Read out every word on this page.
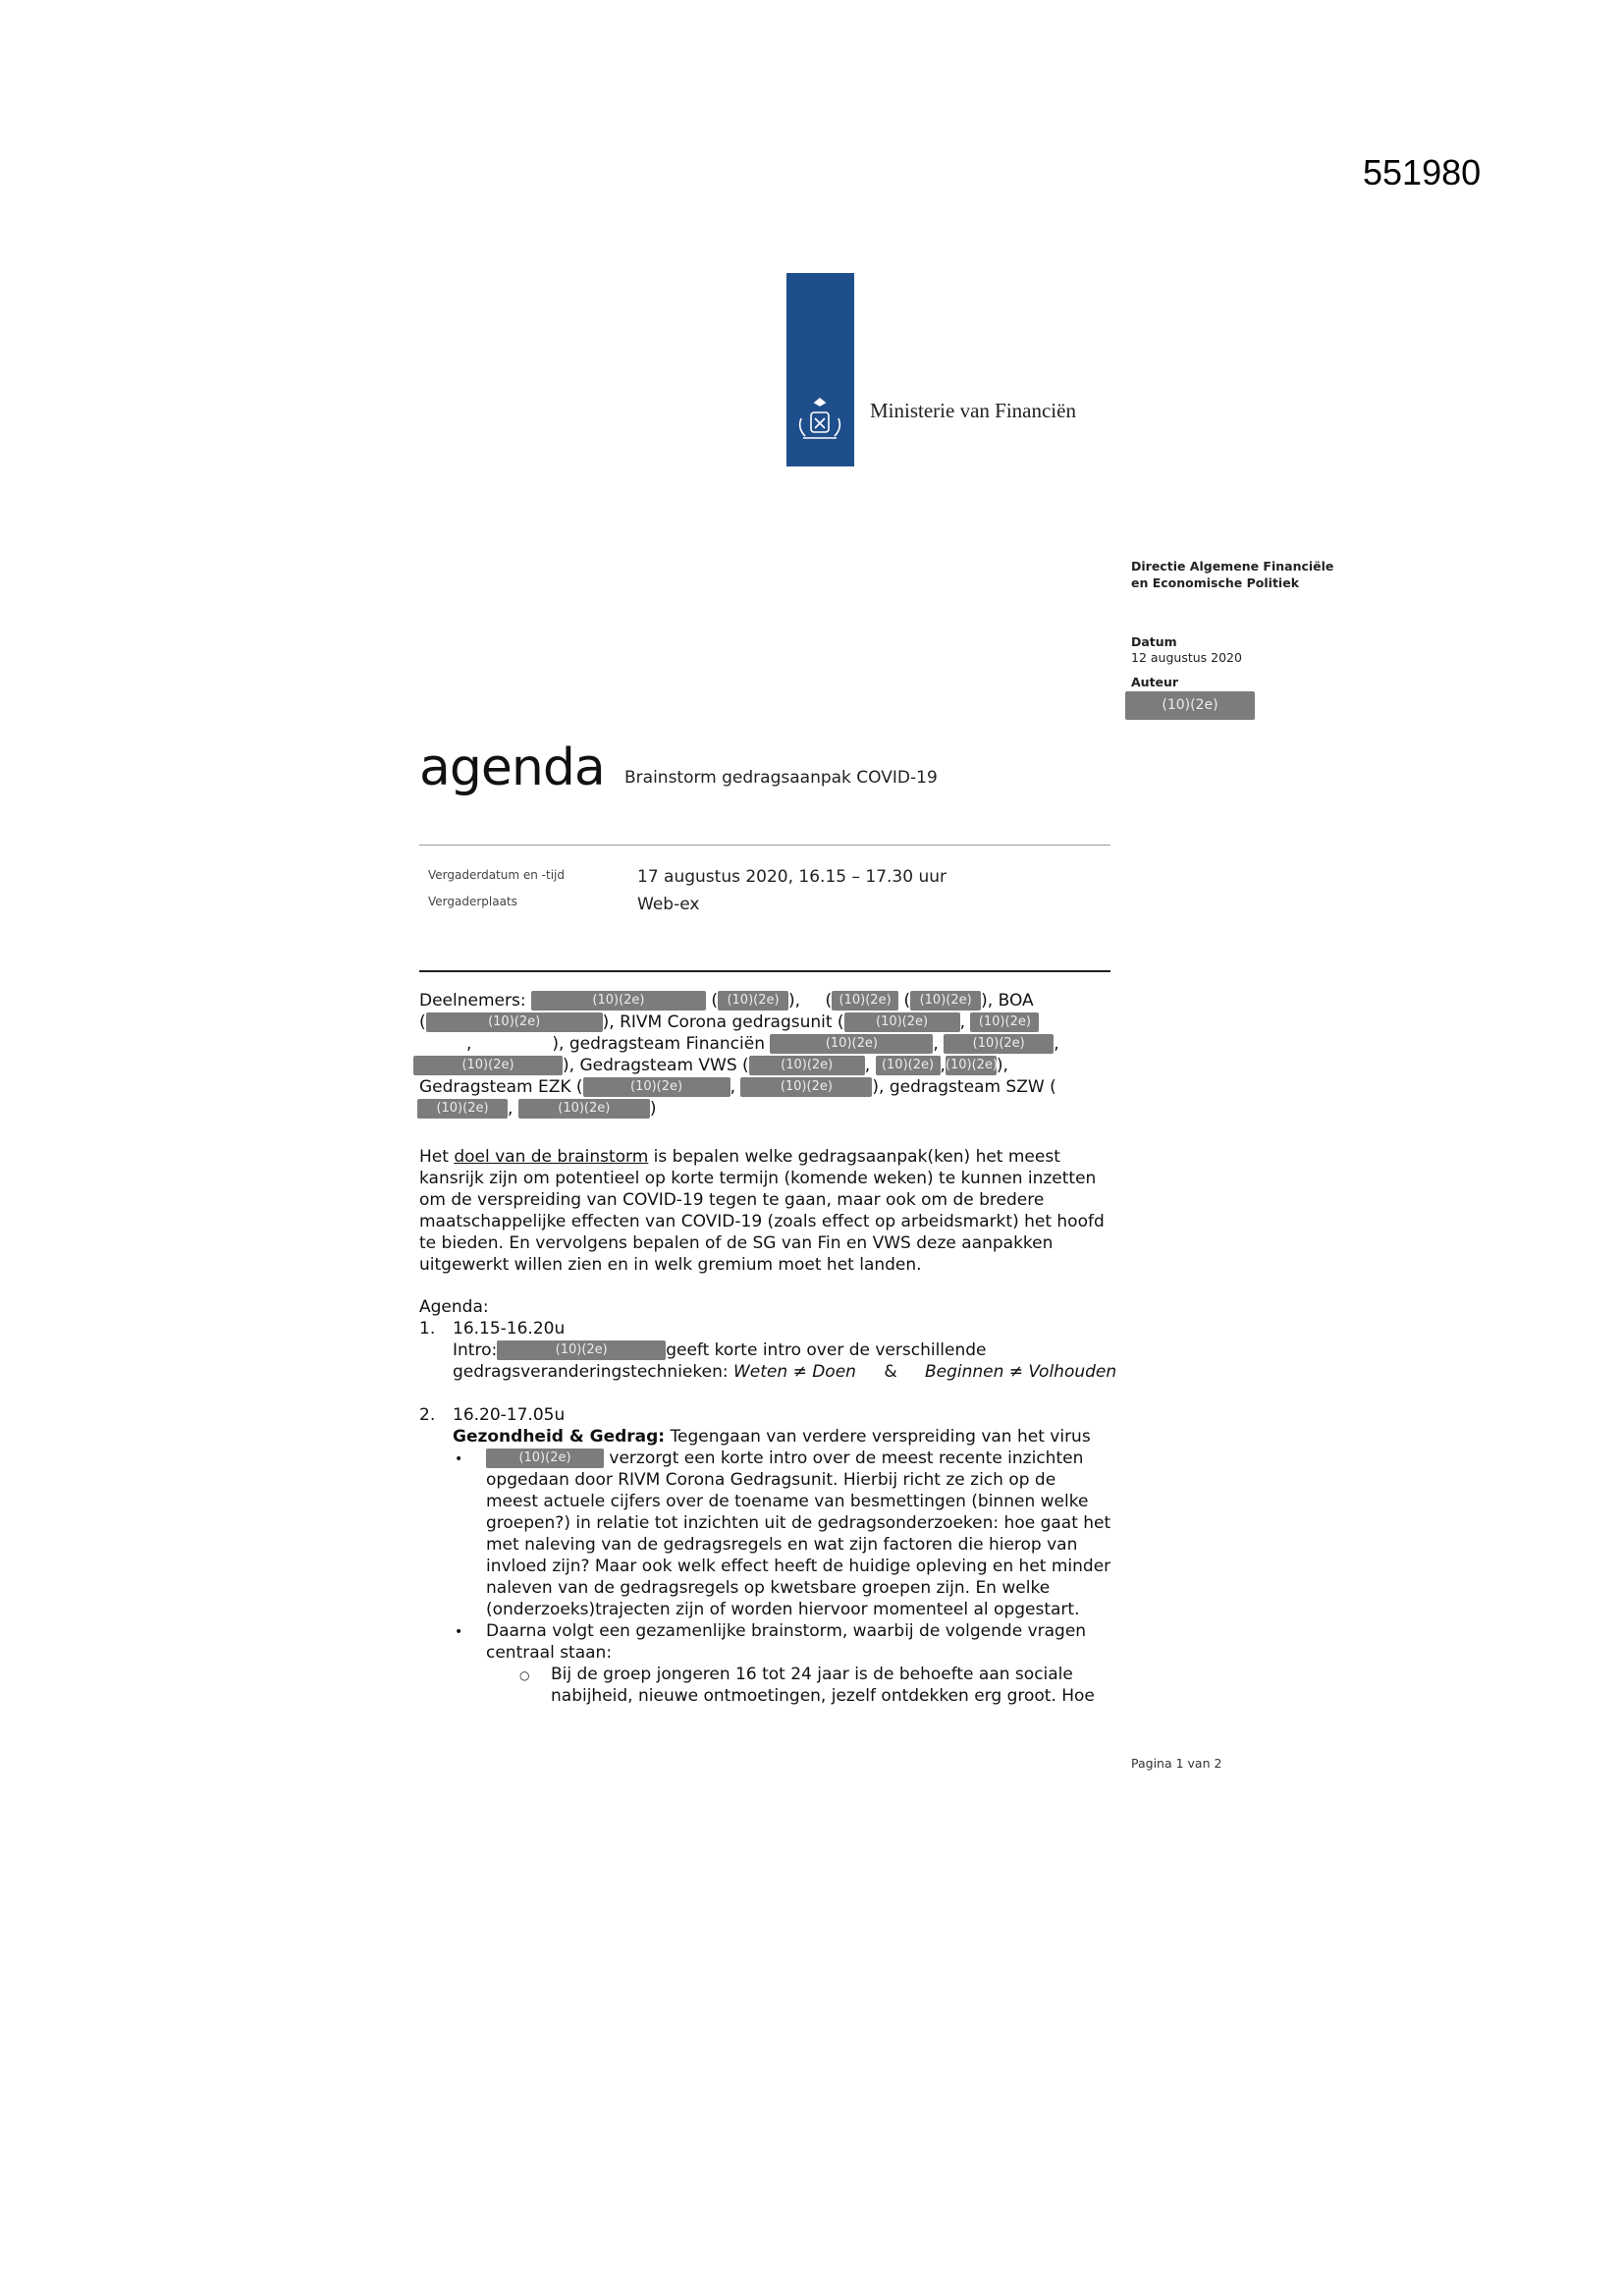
551980
Ministerie van Financiën
Directie Algemene Financiële en Economische Politiek
Datum
12 augustus 2020
Auteur
(10)(2e)
agenda Brainstorm gedragsaanpak COVID-19
Vergaderdatum en -tijd	17 augustus 2020, 16.15 – 17.30 uur
Vergaderplaats	Web-ex
Deelnemers:	(10)(2e)	( (10)(2e) ), ( (10)(2e) ( (10)(2e) ), BOA
(	(10)(2e)	), RIVM Corona gedragsunit ( (10)(2e) , (10)(2e)
,	), gedragsteam Financiën	(10)(2e)	, (10)(2e) ,
(10)(2e)	), Gedragsteam VWS ( (10)(2e) , (10)(2e) ,(10)(2e)),
Gedragsteam EZK (	(10)(2e)	,	(10)(2e) ), gedragsteam SZW (
(10)(2e) ,	(10)(2e) )
Het doel van de brainstorm is bepalen welke gedragsaanpak(ken) het meest
kansrijk zijn om potentieel op korte termijn (komende weken) te kunnen inzetten
om de verspreiding van COVID-19 tegen te gaan, maar ook om de bredere
maatschappelijke effecten van COVID-19 (zoals effect op arbeidsmarkt) het hoofd
te bieden. En vervolgens bepalen of de SG van Fin en VWS deze aanpakken
uitgewerkt willen zien en in welk gremium moet het landen.
Agenda:
1. 16.15-16.20u
Intro:	(10)(2e)	geeft korte intro over de verschillende
gedragsveranderingstechnieken: Weten ≠ Doen & Beginnen ≠ Volhouden
2. 16.20-17.05u
Gezondheid & Gedrag: Tegengaan van verdere verspreiding van het virus
•	(10)(2e) verzorgt een korte intro over de meest recente inzichten
opgedaan door RIVM Corona Gedragsunit. Hierbij richt ze zich op de
meest actuele cijfers over de toename van besmettingen (binnen welke
groepen?) in relatie tot inzichten uit de gedragsonderzoeken: hoe gaat het
met naleving van de gedragsregels en wat zijn factoren die hierop van
invloed zijn? Maar ook welk effect heeft de huidige opleving en het minder
naleven van de gedragsregels op kwetsbare groepen zijn. En welke
(onderzoeks)trajecten zijn of worden hiervoor momenteel al opgestart.
• Daarna volgt een gezamenlijke brainstorm, waarbij de volgende vragen
centraal staan:
○ Bij de groep jongeren 16 tot 24 jaar is de behoefte aan sociale
nabijheid, nieuwe ontmoetingen, jezelf ontdekken erg groot. Hoe
Pagina 1 van 2
